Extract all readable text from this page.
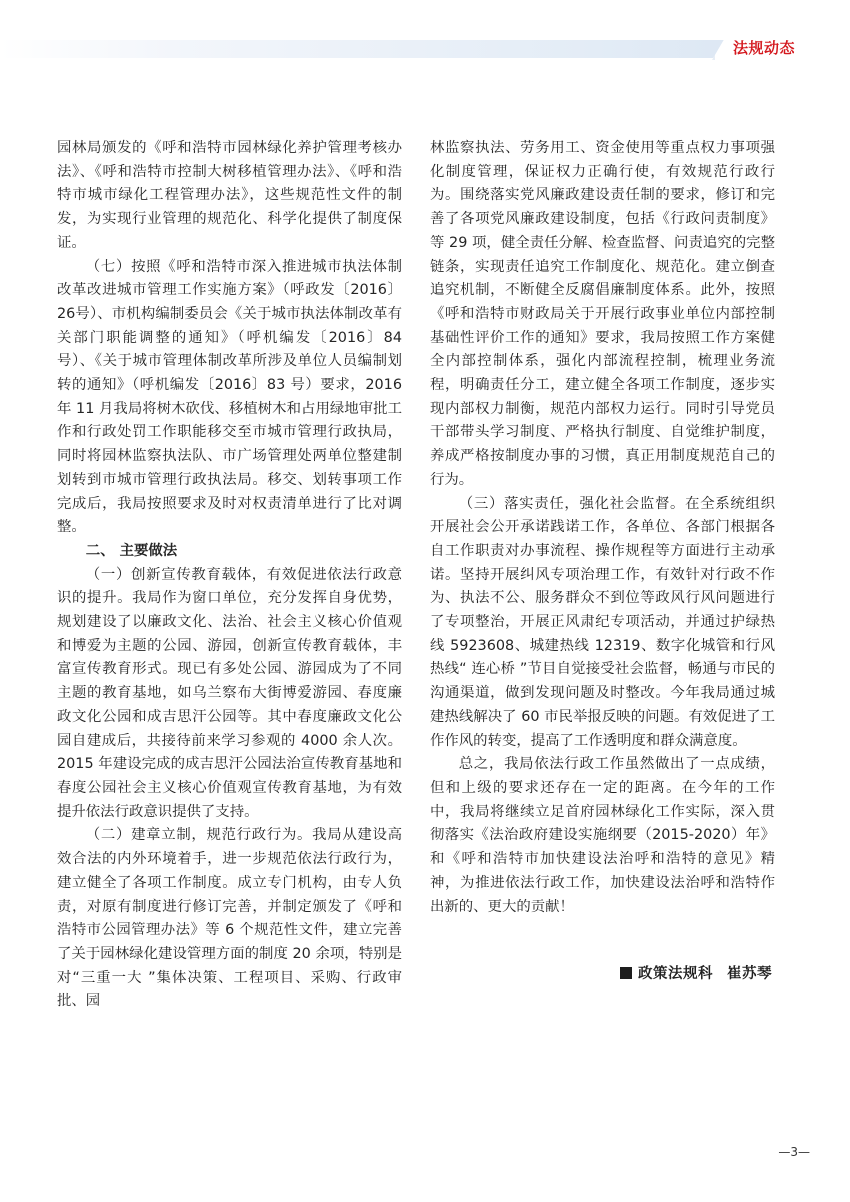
法规动态

园林局颁发的《呼和浩特市园林绿化养护管理考核办法》、《呼和浩特市控制大树移植管理办法》、《呼和浩特市城市绿化工程管理办法》，这些规范性文件的制发，为实现行业管理的规范化、科学化提供了制度保证。

（七）按照《呼和浩特市深入推进城市执法体制改革改进城市管理工作实施方案》（呼政发〔2016〕26号）、市机构编制委员会《关于城市执法体制改革有关部门职能调整的通知》（呼机编发〔2016〕84 号）、《关于城市管理体制改革所涉及单位人员编制划转的通知》（呼机编发〔2016〕83 号）要求，2016 年 11 月我局将树木砍伐、移植树木和占用绿地审批工作和行政处罚工作职能移交至市城市管理行政执局，同时将园林监察执法队、市广场管理处两单位整建制划转到市城市管理行政执法局。移交、划转事项工作完成后，我局按照要求及时对权责清单进行了比对调整。

二、 主要做法

（一）创新宣传教育载体，有效促进依法行政意识的提升。我局作为窗口单位，充分发挥自身优势，规划建设了以廉政文化、法治、社会主义核心价值观和博爱为主题的公园、游园，创新宣传教育载体，丰富宣传教育形式。现已有多处公园、游园成为了不同主题的教育基地，如乌兰察布大街博爱游园、春度廉政文化公园和成吉思汗公园等。其中春度廉政文化公园自建成后，共接待前来学习参观的 4000 余人次。2015 年建设完成的成吉思汗公园法治宣传教育基地和春度公园社会主义核心价值观宣传教育基地，为有效提升依法行政意识提供了支持。

（二）建章立制，规范行政行为。我局从建设高效合法的内外环境着手，进一步规范依法行政行为，建立健全了各项工作制度。成立专门机构，由专人负责，对原有制度进行修订完善，并制定颁发了《呼和浩特市公园管理办法》等 6 个规范性文件，建立完善了关于园林绿化建设管理方面的制度 20 余项，特别是对“三重一大 ”集体决策、工程项目、采购、行政审批、园

林监察执法、劳务用工、资金使用等重点权力事项强化制度管理，保证权力正确行使，有效规范行政行为。围绕落实党风廉政建设责任制的要求，修订和完善了各项党风廉政建设制度，包括《行政问责制度》等 29 项，健全责任分解、检查监督、问责追究的完整链条，实现责任追究工作制度化、规范化。建立倒查追究机制，不断健全反腐倡廉制度体系。此外，按照《呼和浩特市财政局关于开展行政事业单位内部控制基础性评价工作的通知》要求，我局按照工作方案健全内部控制体系，强化内部流程控制，梳理业务流程，明确责任分工，建立健全各项工作制度，逐步实现内部权力制衡，规范内部权力运行。同时引导党员干部带头学习制度、严格执行制度、自觉维护制度，养成严格按制度办事的习惯，真正用制度规范自己的行为。

（三）落实责任，强化社会监督。在全系统组织开展社会公开承诺践诺工作，各单位、各部门根据各自工作职责对办事流程、操作规程等方面进行主动承诺。坚持开展纠风专项治理工作，有效针对行政不作为、执法不公、服务群众不到位等政风行风问题进行了专项整治，开展正风肃纪专项活动，并通过护绿热线 5923608、城建热线 12319、数字化城管和行风热线“ 连心桥 ”节目自觉接受社会监督，畅通与市民的沟通渠道，做到发现问题及时整改。今年我局通过城建热线解决了 60 市民举报反映的问题。有效促进了工作作风的转变，提高了工作透明度和群众满意度。

总之，我局依法行政工作虽然做出了一点成绩，但和上级的要求还存在一定的距离。在今年的工作中，我局将继续立足首府园林绿化工作实际，深入贯彻落实《法治政府建设实施纲要（2015-2020）年》和《呼和浩特市加快建设法治呼和浩特的意见》精神，为推进依法行政工作，加快建设法治呼和浩特作出新的、更大的贡献！

政策法规科 崔苏琴
—3—
